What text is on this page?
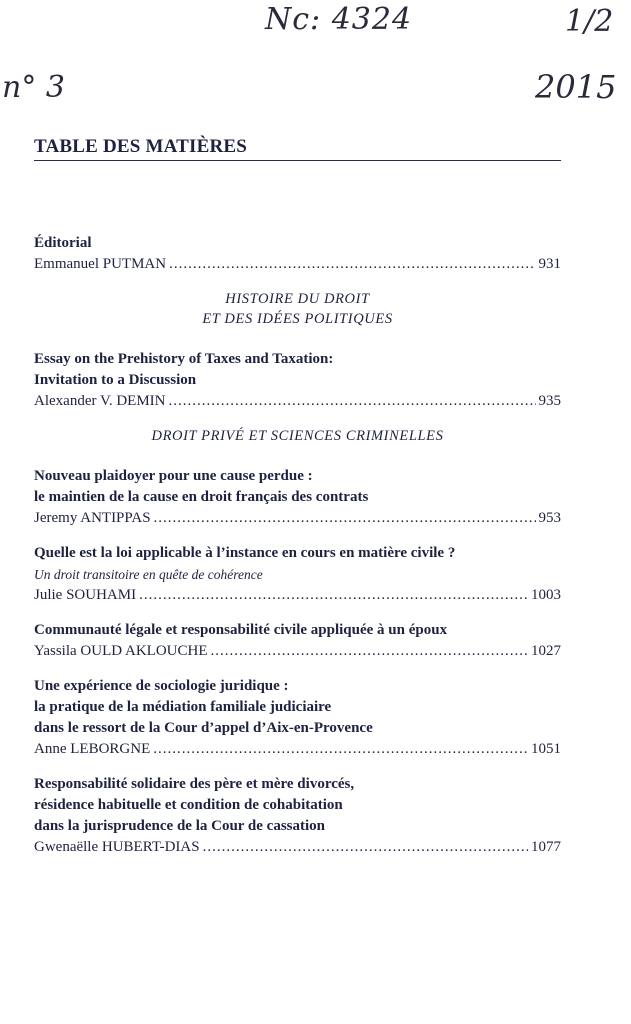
Nc: 4324	1/2
n° 3	2015
TABLE DES MATIÈRES
Éditorial
Emmanuel PUTMAN .....	931
HISTOIRE DU DROIT
ET DES IDÉES POLITIQUES
Essay on the Prehistory of Taxes and Taxation:
Invitation to a Discussion
Alexander V. DEMIN .....	935
DROIT PRIVÉ ET SCIENCES CRIMINELLES
Nouveau plaidoyer pour une cause perdue :
le maintien de la cause en droit français des contrats
Jeremy ANTIPPAS .....	953
Quelle est la loi applicable à l’instance en cours en matière civile ?
Un droit transitoire en quête de cohérence
Julie SOUHAMI .....	1003
Communauté légale et responsabilité civile appliquée à un époux
Yassila OULD AKLOUCHE .....	1027
Une expérience de sociologie juridique :
la pratique de la médiation familiale judiciaire
dans le ressort de la Cour d’appel d’Aix-en-Provence
Anne LEBORGNE .....	1051
Responsabilité solidaire des père et mère divorcés,
résidence habituelle et condition de cohabitation
dans la jurisprudence de la Cour de cassation
Gwenaëlle HUBERT-DIAS .....	1077
